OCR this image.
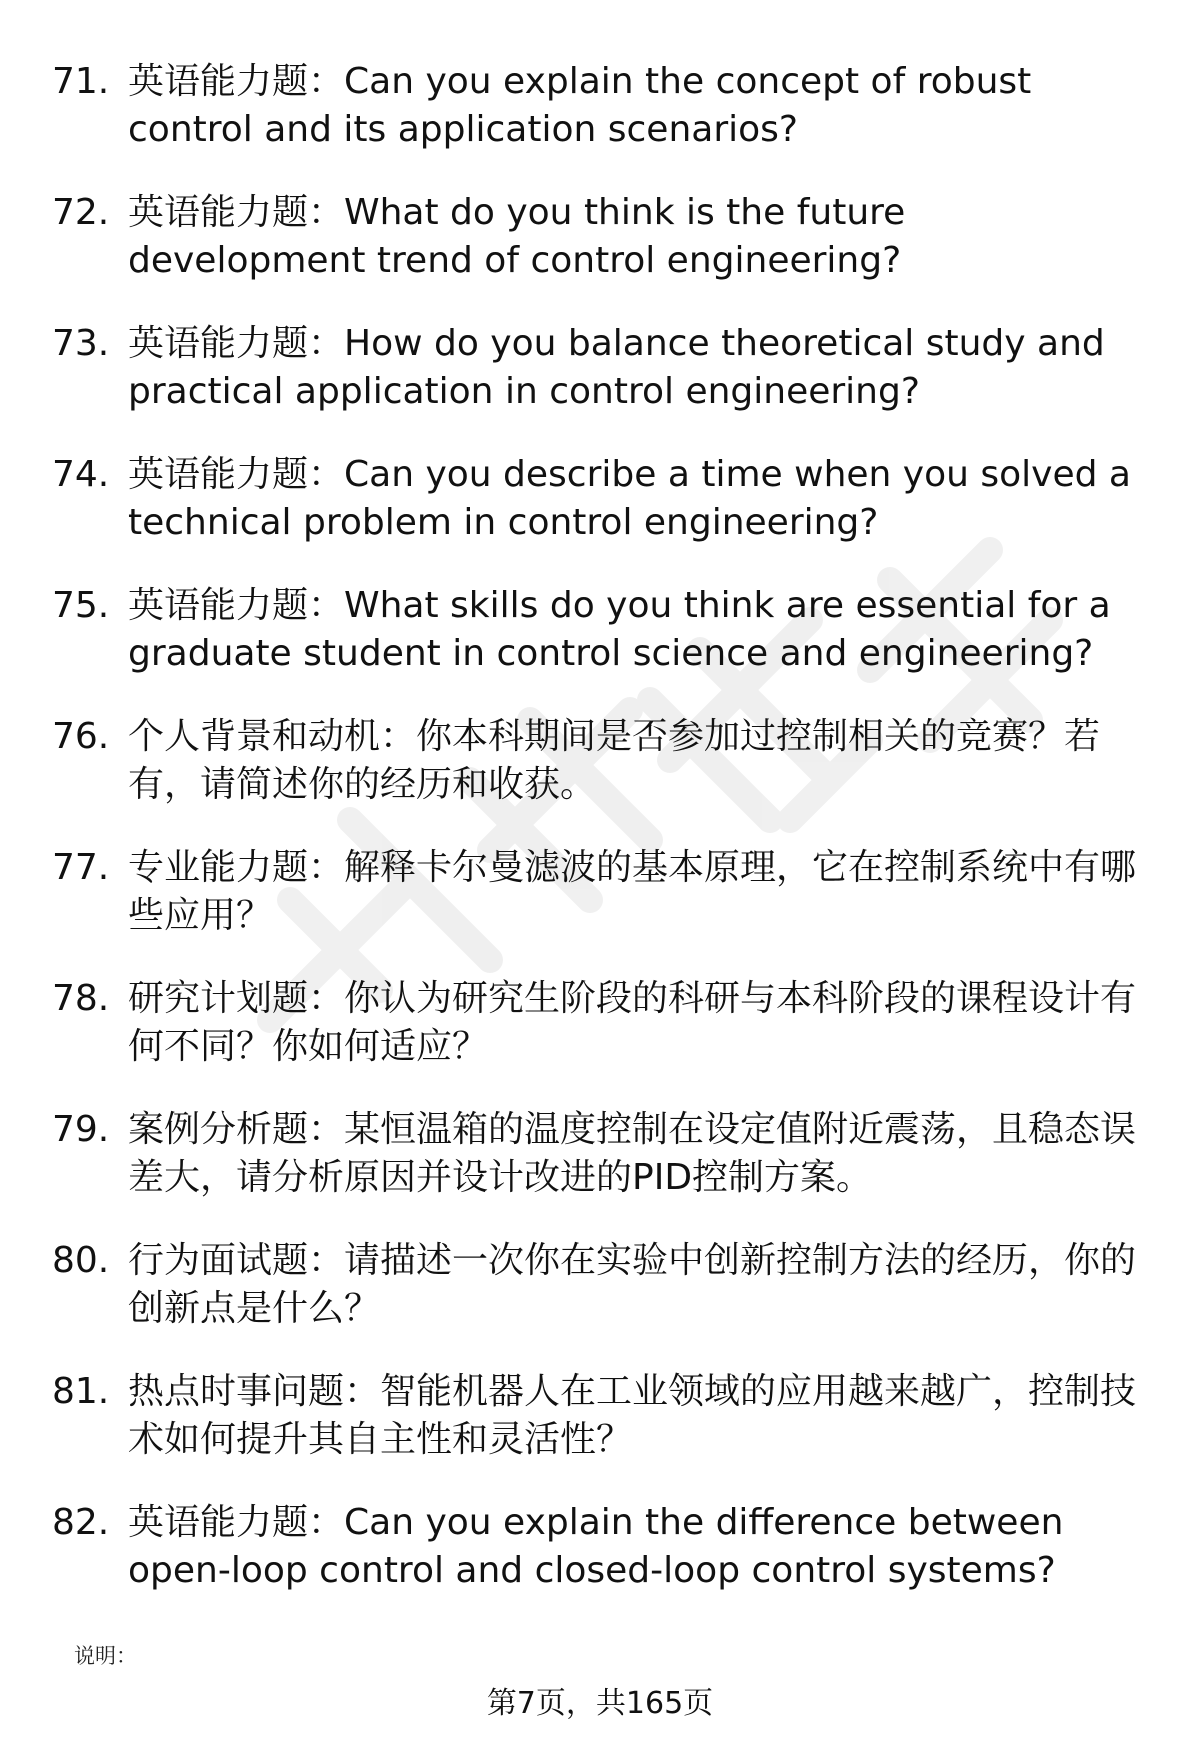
71. 英语能力题：Can you explain the concept of robust control and its application scenarios?
72. 英语能力题：What do you think is the future development trend of control engineering?
73. 英语能力题：How do you balance theoretical study and practical application in control engineering?
74. 英语能力题：Can you describe a time when you solved a technical problem in control engineering?
75. 英语能力题：What skills do you think are essential for a graduate student in control science and engineering?
76. 个人背景和动机：你本科期间是否参加过控制相关的竞赛？若有，请简述你的经历和收获。
77. 专业能力题：解释卡尔曼滤波的基本原理，它在控制系统中有哪些应用？
78. 研究计划题：你认为研究生阶段的科研与本科阶段的课程设计有何不同？你如何适应？
79. 案例分析题：某恒温箱的温度控制在设定值附近震荡，且稳态误差大，请分析原因并设计改进的PID控制方案。
80. 行为面试题：请描述一次你在实验中创新控制方法的经历，你的创新点是什么？
81. 热点时事问题：智能机器人在工业领域的应用越来越广，控制技术如何提升其自主性和灵活性？
82. 英语能力题：Can you explain the difference between open-loop control and closed-loop control systems?
说明：
第7页，共165页
